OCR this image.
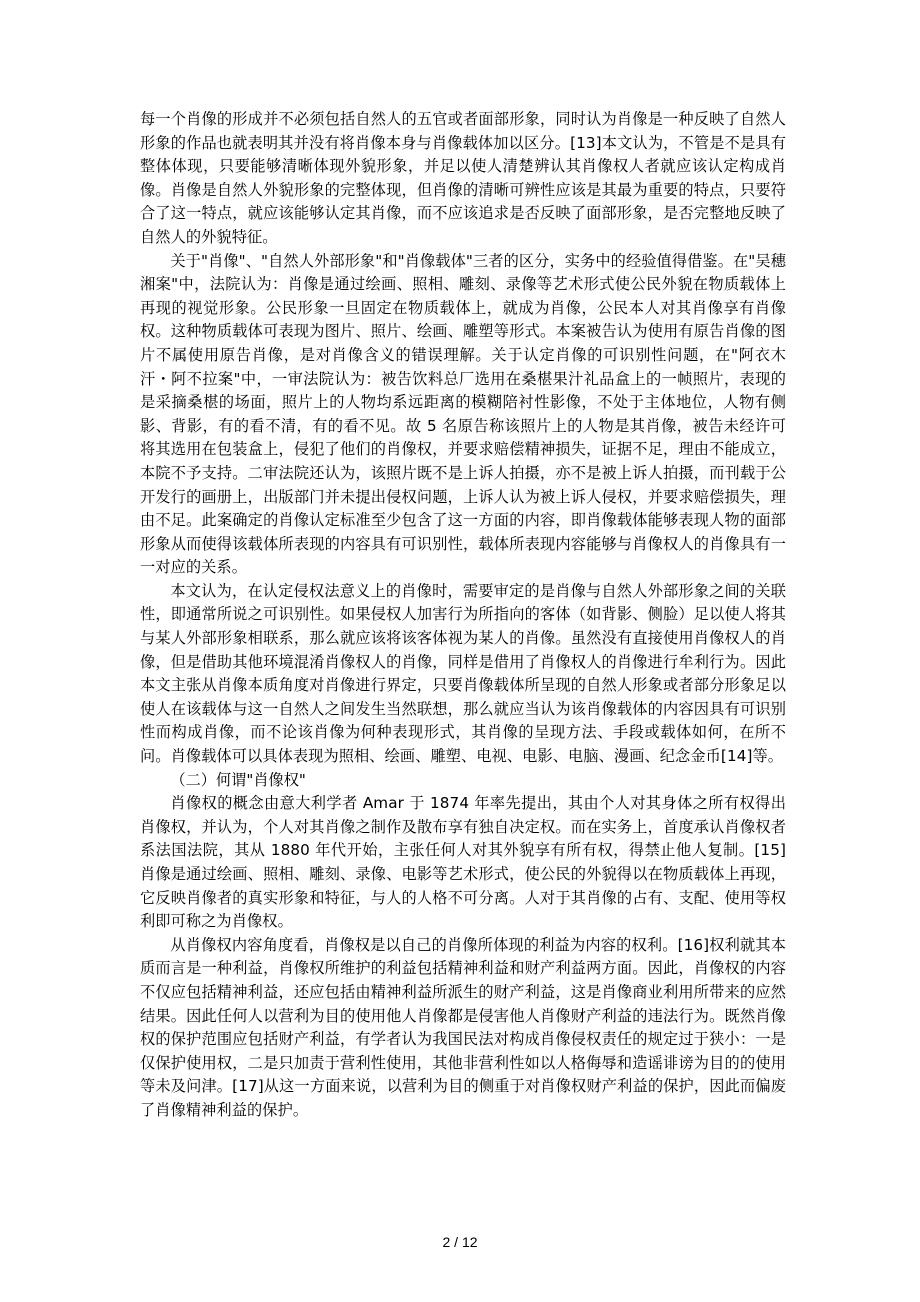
每一个肖像的形成并不必须包括自然人的五官或者面部形象，同时认为肖像是一种反映了自然人形象的作品也就表明其并没有将肖像本身与肖像载体加以区分。[13]本文认为，不管是不是具有整体体现，只要能够清晰体现外貌形象，并足以使人清楚辨认其肖像权人者就应该认定构成肖像。肖像是自然人外貌形象的完整体现，但肖像的清晰可辨性应该是其最为重要的特点，只要符合了这一特点，就应该能够认定其肖像，而不应该追求是否反映了面部形象，是否完整地反映了自然人的外貌特征。

关于"肖像"、"自然人外部形象"和"肖像载体"三者的区分，实务中的经验值得借鉴。在"吴穗湘案"中，法院认为：肖像是通过绘画、照相、雕刻、录像等艺术形式使公民外貌在物质载体上再现的视觉形象。公民形象一旦固定在物质载体上，就成为肖像，公民本人对其肖像享有肖像权。这种物质载体可表现为图片、照片、绘画、雕塑等形式。本案被告认为使用有原告肖像的图片不属使用原告肖像，是对肖像含义的错误理解。关于认定肖像的可识别性问题，在"阿衣木汗・阿不拉案"中，一审法院认为：被告饮料总厂选用在桑椹果汁礼品盒上的一帧照片，表现的是采摘桑椹的场面，照片上的人物均系远距离的模糊陪衬性影像，不处于主体地位，人物有侧影、背影，有的看不清，有的看不见。故 5 名原告称该照片上的人物是其肖像，被告未经许可将其选用在包装盒上，侵犯了他们的肖像权，并要求赔偿精神损失，证据不足，理由不能成立，本院不予支持。二审法院还认为，该照片既不是上诉人拍摄，亦不是被上诉人拍摄，而刊载于公开发行的画册上，出版部门并未提出侵权问题，上诉人认为被上诉人侵权，并要求赔偿损失，理由不足。此案确定的肖像认定标准至少包含了这一方面的内容，即肖像载体能够表现人物的面部形象从而使得该载体所表现的内容具有可识别性，载体所表现内容能够与肖像权人的肖像具有一一对应的关系。

本文认为，在认定侵权法意义上的肖像时，需要审定的是肖像与自然人外部形象之间的关联性，即通常所说之可识别性。如果侵权人加害行为所指向的客体（如背影、侧脸）足以使人将其与某人外部形象相联系，那么就应该将该客体视为某人的肖像。虽然没有直接使用肖像权人的肖像，但是借助其他环境混淆肖像权人的肖像，同样是借用了肖像权人的肖像进行牟利行为。因此本文主张从肖像本质角度对肖像进行界定，只要肖像载体所呈现的自然人形象或者部分形象足以使人在该载体与这一自然人之间发生当然联想，那么就应当认为该肖像载体的内容因具有可识别性而构成肖像，而不论该肖像为何种表现形式，其肖像的呈现方法、手段或载体如何，在所不问。肖像载体可以具体表现为照相、绘画、雕塑、电视、电影、电脑、漫画、纪念金币[14]等。

（二）何谓"肖像权"

肖像权的概念由意大利学者 Amar 于 1874 年率先提出，其由个人对其身体之所有权得出肖像权，并认为，个人对其肖像之制作及散布享有独自决定权。而在实务上，首度承认肖像权者系法国法院，其从 1880 年代开始，主张任何人对其外貌享有所有权，得禁止他人复制。[15]肖像是通过绘画、照相、雕刻、录像、电影等艺术形式，使公民的外貌得以在物质载体上再现，它反映肖像者的真实形象和特征，与人的人格不可分离。人对于其肖像的占有、支配、使用等权利即可称之为肖像权。

从肖像权内容角度看，肖像权是以自己的肖像所体现的利益为内容的权利。[16]权利就其本质而言是一种利益，肖像权所维护的利益包括精神利益和财产利益两方面。因此，肖像权的内容不仅应包括精神利益，还应包括由精神利益所派生的财产利益，这是肖像商业利用所带来的应然结果。因此任何人以营利为目的使用他人肖像都是侵害他人肖像财产利益的违法行为。既然肖像权的保护范围应包括财产利益，有学者认为我国民法对构成肖像侵权责任的规定过于狭小：一是仅保护使用权，二是只加责于营利性使用，其他非营利性如以人格侮辱和造谣诽谤为目的的使用等未及问津。[17]从这一方面来说，以营利为目的侧重于对肖像权财产利益的保护，因此而偏废了肖像精神利益的保护。

2 / 12
